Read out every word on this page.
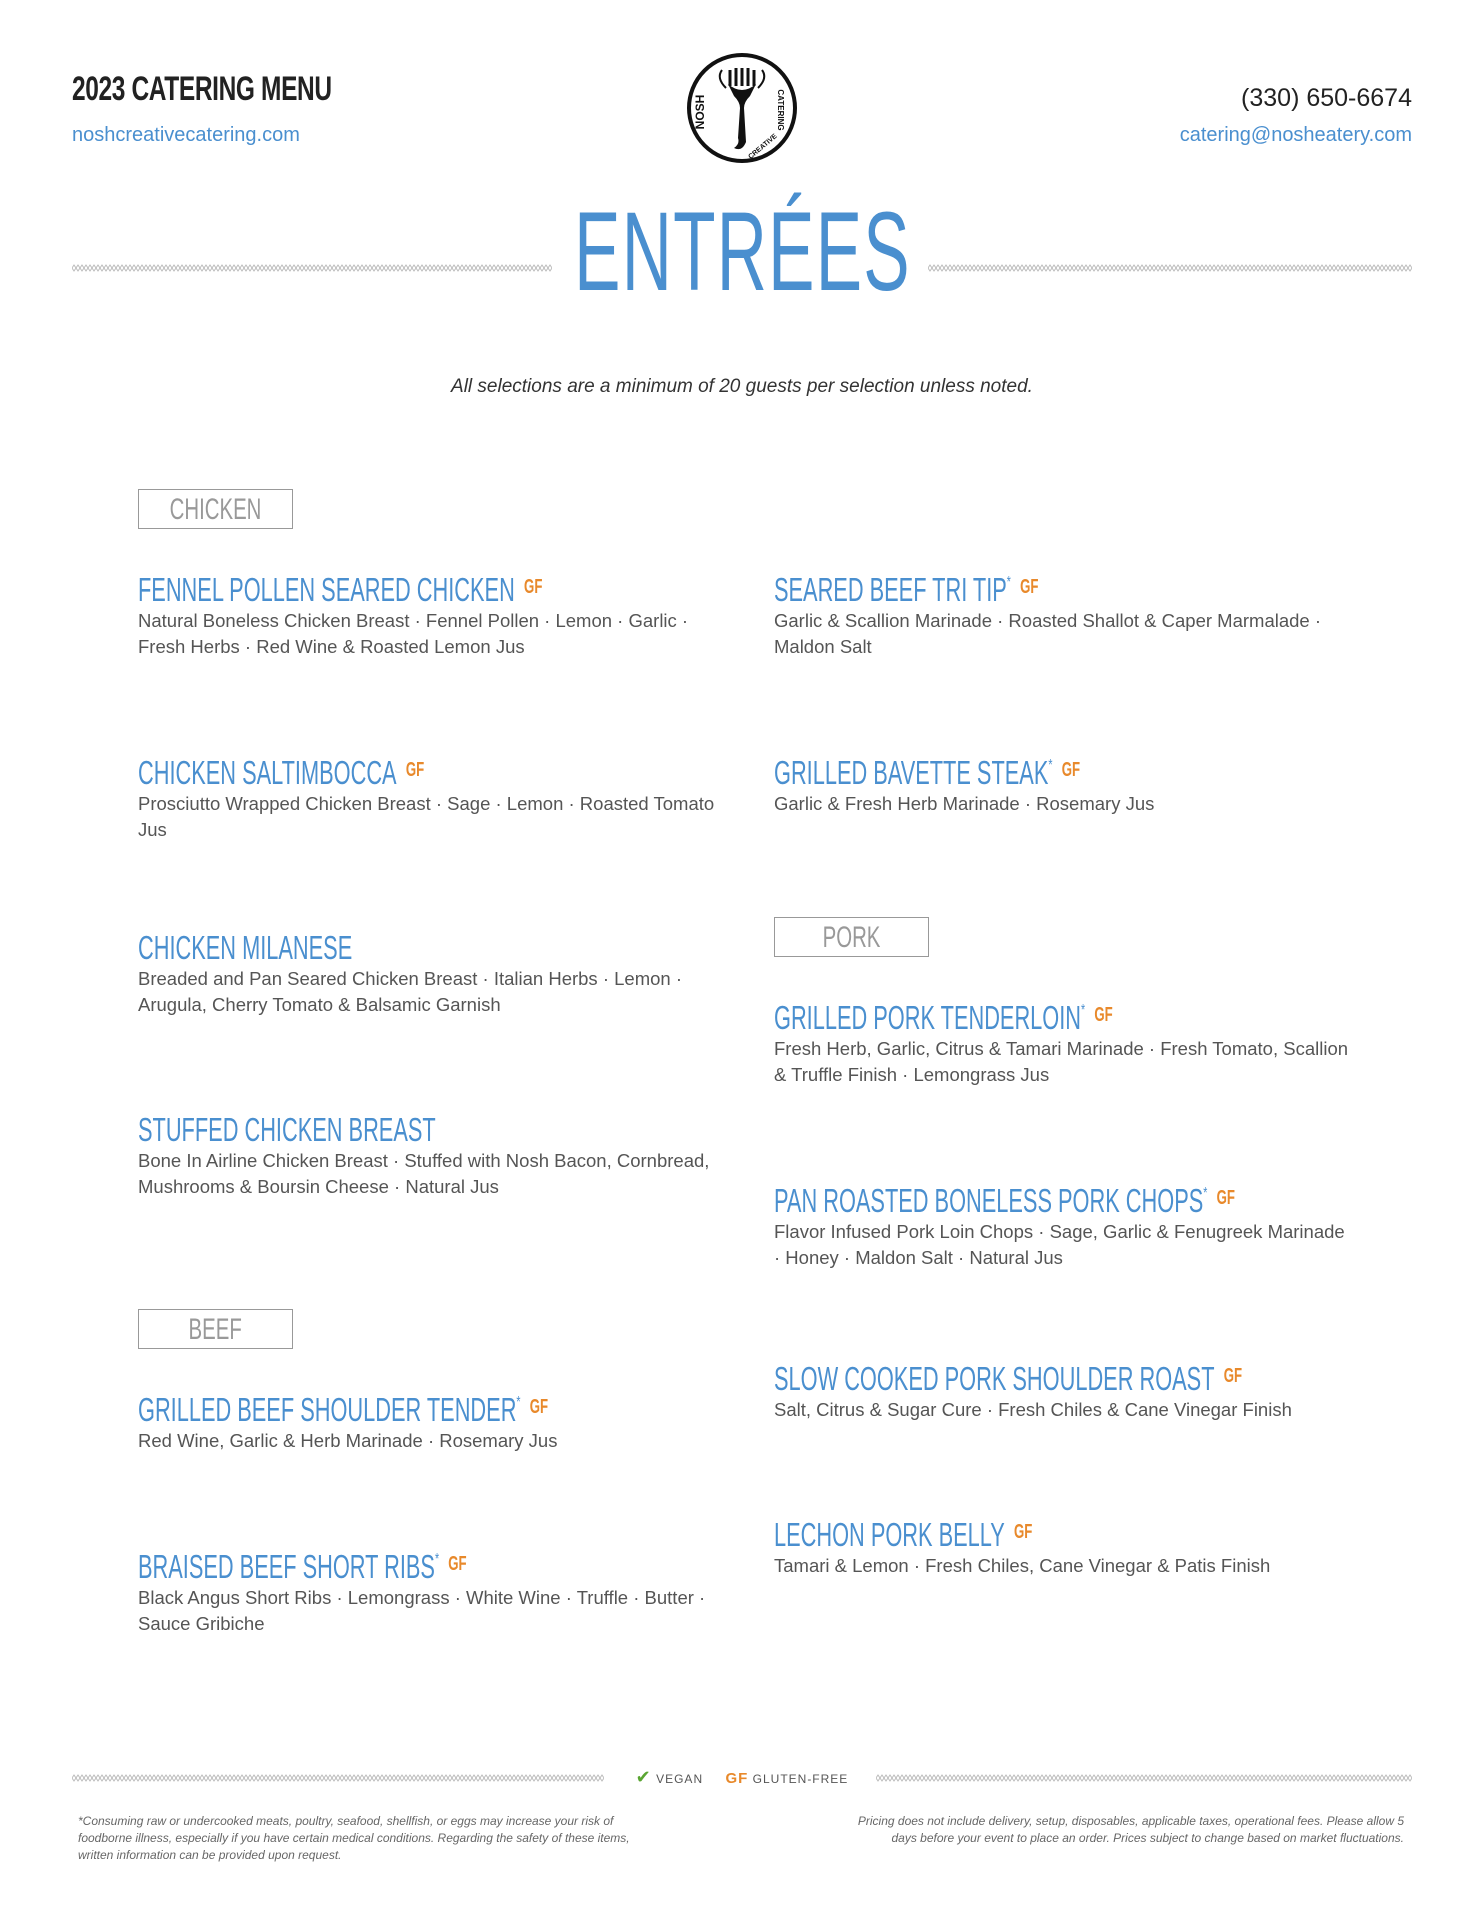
2023 CATERING MENU
noshcreativecatering.com
(330) 650-6674
catering@nosheatery.com
NOSH	CATERING
CREATIVE
ENTRÉES
All selections are a minimum of 20 guests per selection unless noted.
CHICKEN
FENNEL POLLEN SEARED CHICKEN $^{GF}$
Natural Boneless Chicken Breast · Fennel Pollen · Lemon · Garlic · Fresh Herbs · Red Wine & Roasted Lemon Jus
CHICKEN SALTIMBOCCA $^{GF}$
Prosciutto Wrapped Chicken Breast · Sage · Lemon · Roasted Tomato Jus
CHICKEN MILANESE
Breaded and Pan Seared Chicken Breast · Italian Herbs · Lemon · Arugula, Cherry Tomato & Balsamic Garnish
STUFFED CHICKEN BREAST
Bone In Airline Chicken Breast · Stuffed with Nosh Bacon, Cornbread, Mushrooms & Boursin Cheese · Natural Jus
BEEF
GRILLED BEEF SHOULDER TENDER* $^{GF}$
Red Wine, Garlic & Herb Marinade · Rosemary Jus
BRAISED BEEF SHORT RIBS* $^{GF}$
Black Angus Short Ribs · Lemongrass · White Wine · Truffle · Butter · Sauce Gribiche
SEARED BEEF TRI TIP* $^{GF}$
Garlic & Scallion Marinade · Roasted Shallot & Caper Marmalade · Maldon Salt
GRILLED BAVETTE STEAK* $^{GF}$
Garlic & Fresh Herb Marinade · Rosemary Jus
PORK
GRILLED PORK TENDERLOIN* $^{GF}$
Fresh Herb, Garlic, Citrus & Tamari Marinade · Fresh Tomato, Scallion & Truffle Finish · Lemongrass Jus
PAN ROASTED BONELESS PORK CHOPS* $^{GF}$
Flavor Infused Pork Loin Chops · Sage, Garlic & Fenugreek Marinade · Honey · Maldon Salt · Natural Jus
SLOW COOKED PORK SHOULDER ROAST $^{GF}$
Salt, Citrus & Sugar Cure · Fresh Chiles & Cane Vinegar Finish
LECHON PORK BELLY $^{GF}$
Tamari & Lemon · Fresh Chiles, Cane Vinegar & Patis Finish
✔ VEGAN GF GLUTEN-FREE
*Consuming raw or undercooked meats, poultry, seafood, shellfish, or eggs may increase your risk of foodborne illness, especially if you have certain medical conditions. Regarding the safety of these items, written information can be provided upon request.
Pricing does not include delivery, setup, disposables, applicable taxes, operational fees. Please allow 5 days before your event to place an order. Prices subject to change based on market fluctuations.
